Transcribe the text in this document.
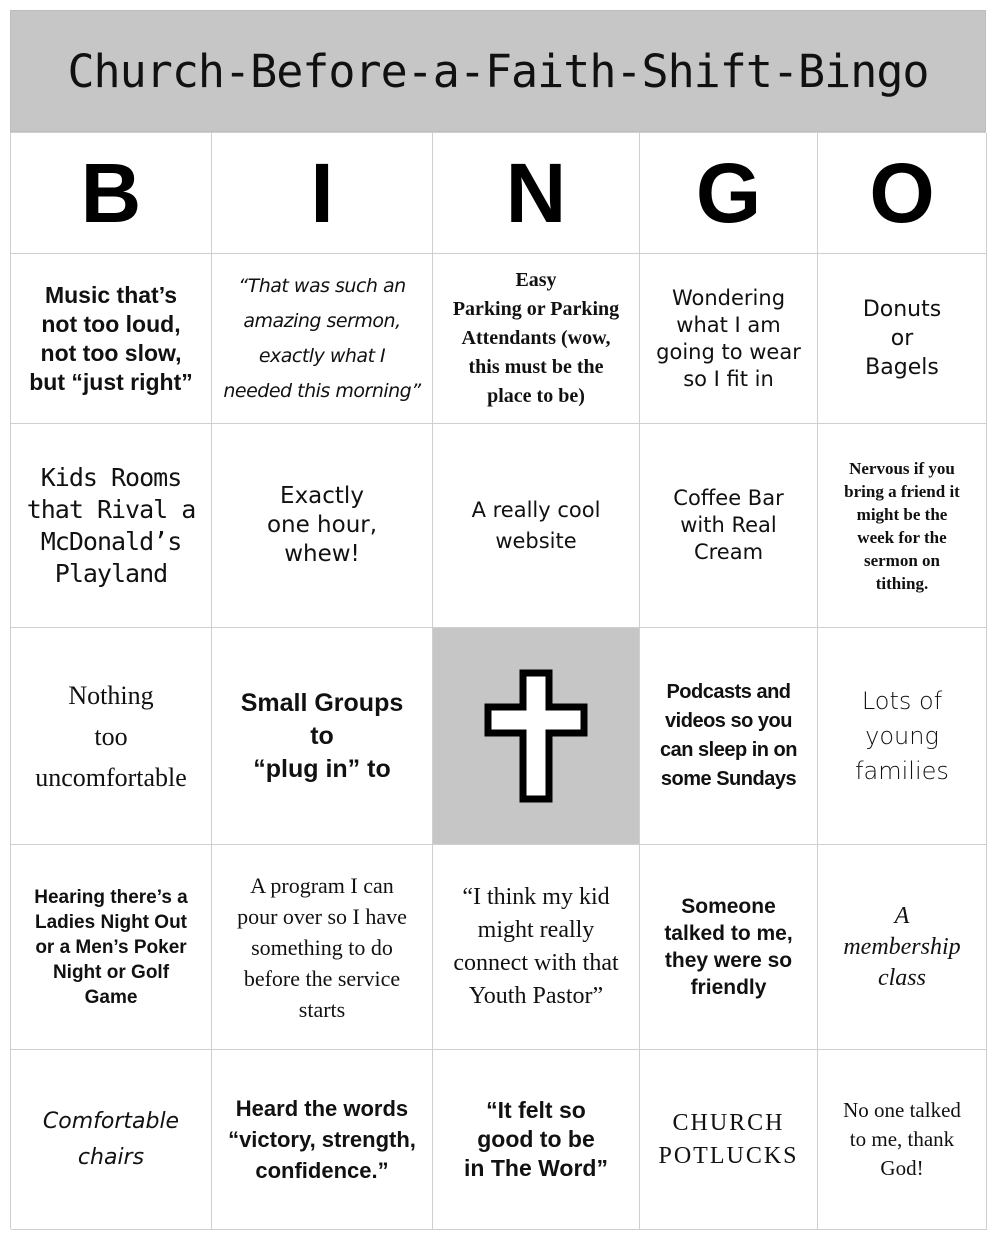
Church-Before-a-Faith-Shift-Bingo
B I N G O
Music that’s
not too loud,
not too slow,
but “just right”
“That was such an
amazing sermon,
exactly what I
needed this morning”
Easy
Parking or Parking
Attendants (wow,
this must be the
place to be)
Wondering
what I am
going to wear
so I fit in
Donuts
or
Bagels
Kids Rooms
that Rival a
McDonald’s
Playland
Exactly
one hour,
whew!
A really cool
website
Coffee Bar
with Real
Cream
Nervous if you
bring a friend it
might be the
week for the
sermon on
tithing.
Nothing
too
uncomfortable
Small Groups
to
“plug in” to
Podcasts and
videos so you
can sleep in on
some Sundays
Lots of
young
families
Hearing there’s a
Ladies Night Out
or a Men’s Poker
Night or Golf
Game
A program I can
pour over so I have
something to do
before the service
starts
“I think my kid
might really
connect with that
Youth Pastor”
Someone
talked to me,
they were so
friendly
A
membership
class
Comfortable
chairs
Heard the words
“victory, strength,
confidence.”
“It felt so
good to be
in The Word”
CHURCH
POTLUCKS
No one talked
to me, thank
God!
